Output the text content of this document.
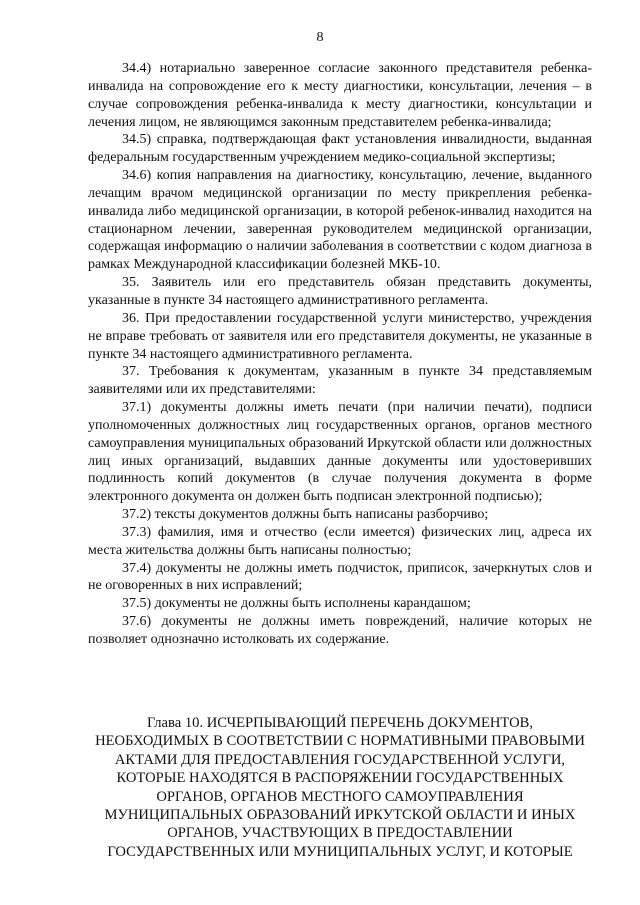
8

34.4) нотариально заверенное согласие законного представителя ребенка-инвалида на сопровождение его к месту диагностики, консультации, лечения – в случае сопровождения ребенка-инвалида к месту диагностики, консультации и лечения лицом, не являющимся законным представителем ребенка-инвалида;

34.5) справка, подтверждающая факт установления инвалидности, выданная федеральным государственным учреждением медико-социальной экспертизы;

34.6) копия направления на диагностику, консультацию, лечение, выданного лечащим врачом медицинской организации по месту прикрепления ребенка-инвалида либо медицинской организации, в которой ребенок-инвалид находится на стационарном лечении, заверенная руководителем медицинской организации, содержащая информацию о наличии заболевания в соответствии с кодом диагноза в рамках Международной классификации болезней МКБ-10.

35. Заявитель или его представитель обязан представить документы, указанные в пункте 34 настоящего административного регламента.

36. При предоставлении государственной услуги министерство, учреждения не вправе требовать от заявителя или его представителя документы, не указанные в пункте 34 настоящего административного регламента.

37. Требования к документам, указанным в пункте 34 представляемым заявителями или их представителями:

37.1) документы должны иметь печати (при наличии печати), подписи уполномоченных должностных лиц государственных органов, органов местного самоуправления муниципальных образований Иркутской области или должностных лиц иных организаций, выдавших данные документы или удостоверивших подлинность копий документов (в случае получения документа в форме электронного документа он должен быть подписан электронной подписью);

37.2) тексты документов должны быть написаны разборчиво;

37.3) фамилия, имя и отчество (если имеется) физических лиц, адреса их места жительства должны быть написаны полностью;

37.4) документы не должны иметь подчисток, приписок, зачеркнутых слов и не оговоренных в них исправлений;

37.5) документы не должны быть исполнены карандашом;

37.6) документы не должны иметь повреждений, наличие которых не позволяет однозначно истолковать их содержание.

Глава 10. ИСЧЕРПЫВАЮЩИЙ ПЕРЕЧЕНЬ ДОКУМЕНТОВ,
НЕОБХОДИМЫХ В СООТВЕТСТВИИ С НОРМАТИВНЫМИ ПРАВОВЫМИ
АКТАМИ ДЛЯ ПРЕДОСТАВЛЕНИЯ ГОСУДАРСТВЕННОЙ УСЛУГИ,
КОТОРЫЕ НАХОДЯТСЯ В РАСПОРЯЖЕНИИ ГОСУДАРСТВЕННЫХ
ОРГАНОВ, ОРГАНОВ МЕСТНОГО САМОУПРАВЛЕНИЯ
МУНИЦИПАЛЬНЫХ ОБРАЗОВАНИЙ ИРКУТСКОЙ ОБЛАСТИ И ИНЫХ
ОРГАНОВ, УЧАСТВУЮЩИХ В ПРЕДОСТАВЛЕНИИ
ГОСУДАРСТВЕННЫХ ИЛИ МУНИЦИПАЛЬНЫХ УСЛУГ, И КОТОРЫЕ
